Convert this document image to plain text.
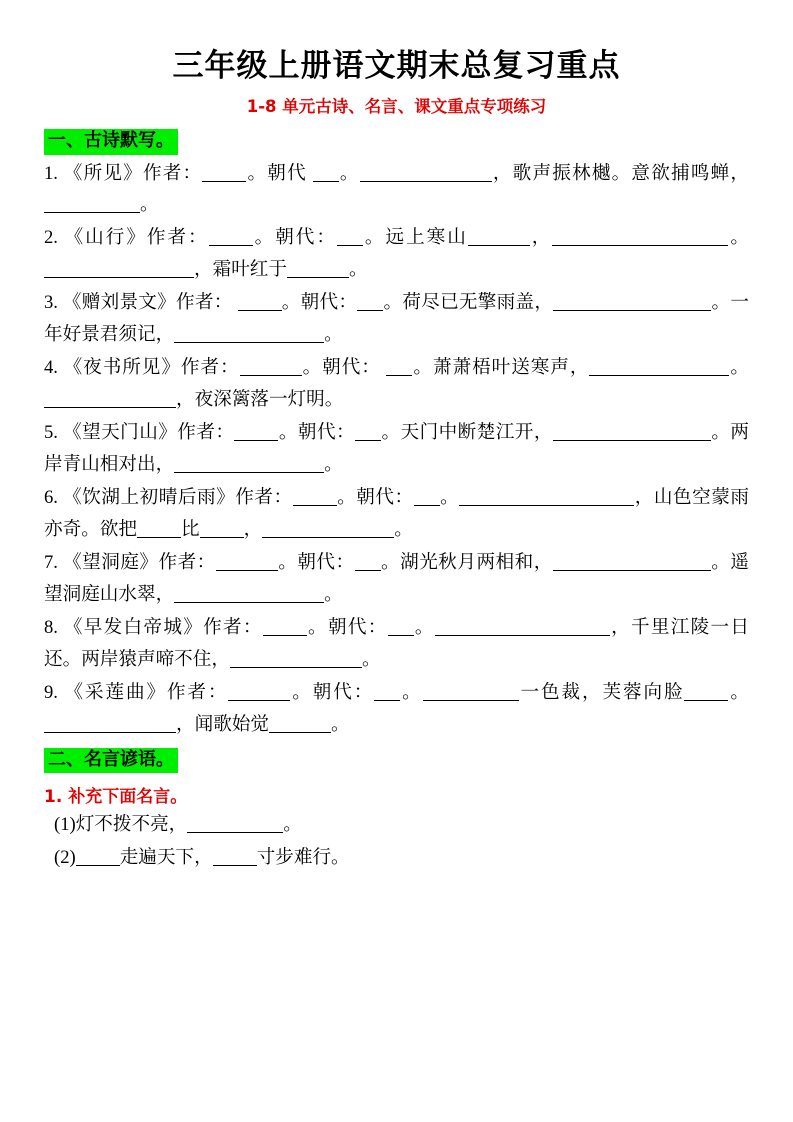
三年级上册语文期末总复习重点
1-8 单元古诗、名言、课文重点专项练习
一、古诗默写。

1. 《所见》作者： 。朝代 。	，歌声振林樾。意欲捕鸣蝉，。

2. 《山行》作者： 。朝代： 。远上寒山	，	。，霜叶红于	。

3. 《赠刘景文》作者：	。朝代： 。荷尽已无擎雨盖，	。一年好景君须记，	。

4. 《夜书所见》作者：	。朝代： 。萧萧梧叶送寒声，	。，夜深篱落一灯明。

5. 《望天门山》作者： 。朝代： 。天门中断楚江开，	。两岸青山相对出，	。

6. 《饮湖上初晴后雨》作者： 。朝代： 。	，山色空蒙雨亦奇。欲把 比 ，	。

7. 《望洞庭》作者：	。朝代： 。湖光秋月两相和，	。遥望洞庭山水翠，	。

8. 《早发白帝城》作者： 。朝代： 。	，千里江陵一日还。两岸猿声啼不住，	。

9. 《采莲曲》作者：	。朝代： 。	一色裁，芙蓉向脸 。，闻歌始觉	。

二、名言谚语。
1. 补充下面名言。

(1)灯不拨不亮，	。

(2) 走遍天下， 寸步难行。
